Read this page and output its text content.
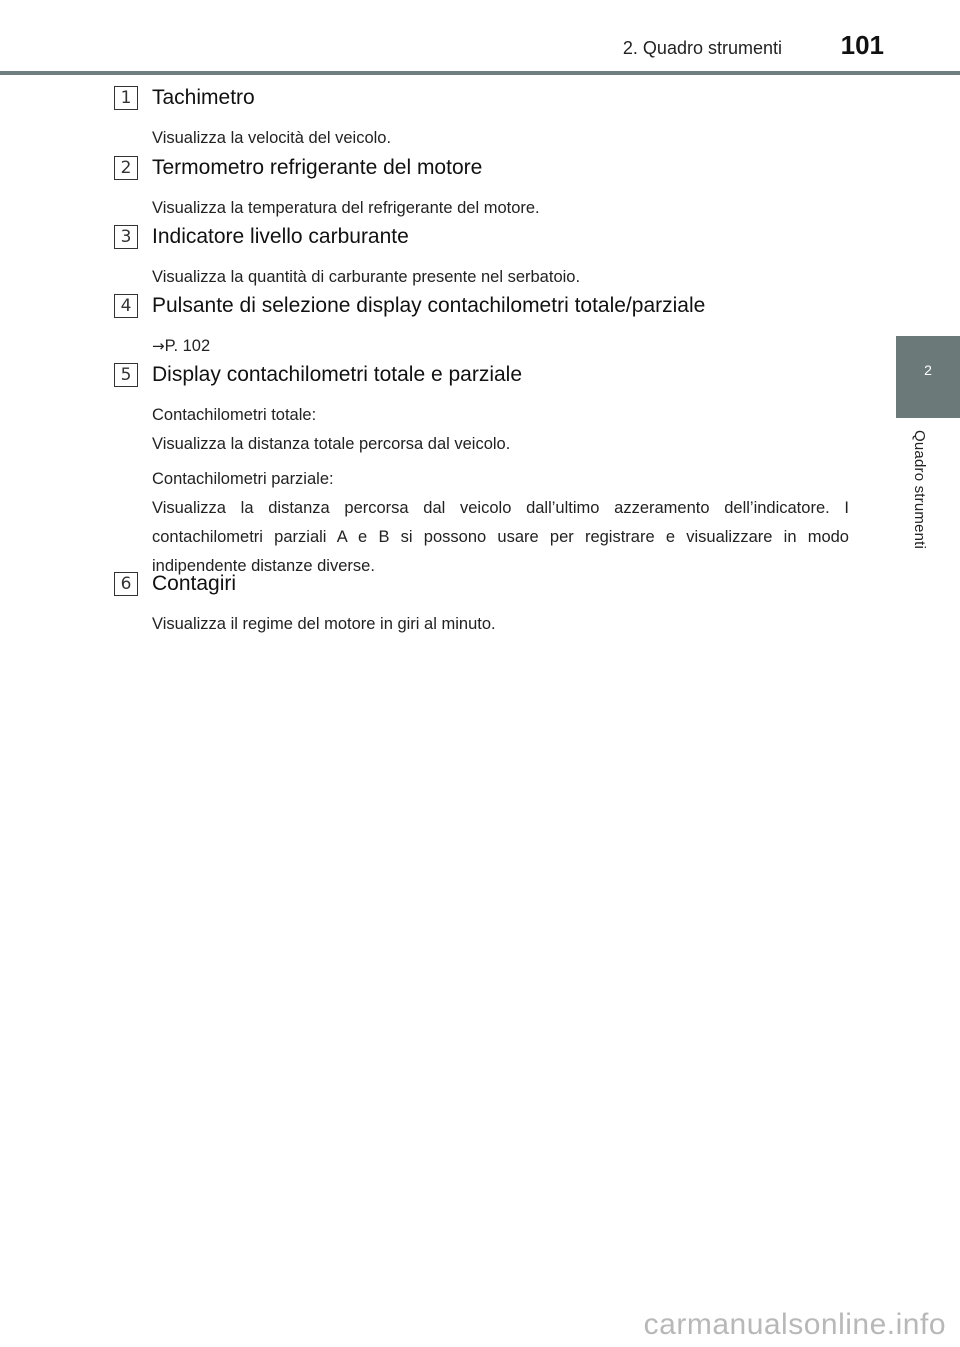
2. Quadro strumenti 101
2
Quadro strumenti
1 Tachimetro

Visualizza la velocità del veicolo.

2 Termometro refrigerante del motore

Visualizza la temperatura del refrigerante del motore.

3 Indicatore livello carburante

Visualizza la quantità di carburante presente nel serbatoio.

4 Pulsante di selezione display contachilometri totale/parziale

→P. 102

5 Display contachilometri totale e parziale
Contachilometri totale:
Visualizza la distanza totale percorsa dal veicolo.
Contachilometri parziale:
Visualizza la distanza percorsa dal veicolo dall’ultimo azzeramento dell’indicatore. I contachilometri parziali A e B si possono usare per registrare e visualizzare in modo indipendente distanze diverse.
6 Contagiri

Visualizza il regime del motore in giri al minuto.

carmanualsonline.info
